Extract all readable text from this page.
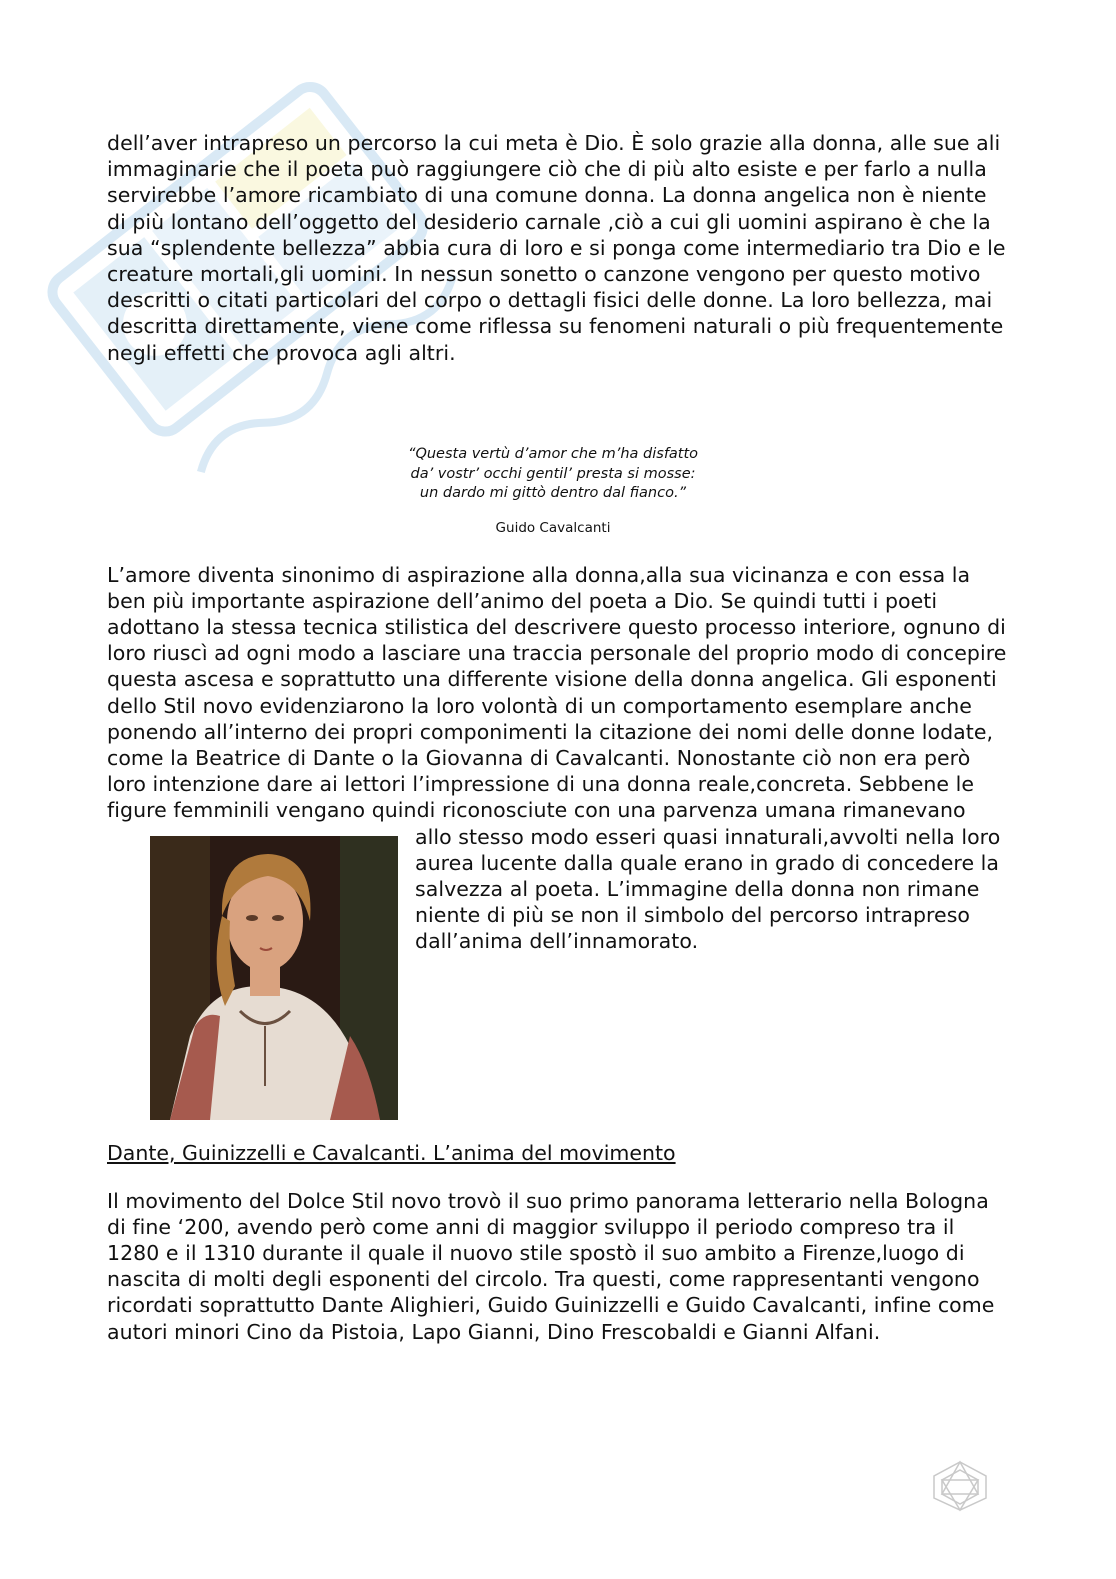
dell’aver intrapreso un percorso la cui meta è Dio. È solo grazie alla donna, alle sue ali immaginarie che il poeta può raggiungere ciò che di più alto esiste e per farlo a nulla servirebbe l’amore ricambiato di una comune donna. La donna angelica non è niente di più lontano dell’oggetto del desiderio carnale ,ciò a cui gli uomini aspirano è che la sua “splendente bellezza” abbia cura di loro e si ponga come intermediario tra Dio e le creature mortali,gli uomini. In nessun sonetto o canzone vengono per questo motivo descritti o citati particolari del corpo o dettagli fisici delle donne. La loro bellezza, mai descritta direttamente, viene come riflessa su fenomeni naturali o più frequentemente negli effetti che provoca agli altri.

“Questa vertù d’amor che m’ha disfatto
da’ vostr’ occhi gentil’ presta si mosse:
un dardo mi gittò dentro dal fianco.”
Guido Cavalcanti

L’amore diventa sinonimo di aspirazione alla donna,alla sua vicinanza e con essa la ben più importante aspirazione dell’animo del poeta a Dio. Se quindi tutti i poeti adottano la stessa tecnica stilistica del descrivere questo processo interiore, ognuno di loro riuscì ad ogni modo a lasciare una traccia personale del proprio modo di concepire questa ascesa e soprattutto una differente visione della donna angelica. Gli esponenti dello Stil novo evidenziarono la loro volontà di un comportamento esemplare anche ponendo all’interno dei propri componimenti la citazione dei nomi delle donne lodate, come la Beatrice di Dante o la Giovanna di Cavalcanti. Nonostante ciò non era però loro intenzione dare ai lettori l’impressione di una donna reale,concreta. Sebbene le figure femminili vengano quindi riconosciute con una parvenza umana rimanevano

allo stesso modo esseri quasi innaturali,avvolti nella loro aurea lucente dalla quale erano in grado di concedere la salvezza al poeta. L’immagine della donna non rimane niente di più se non il simbolo del percorso intrapreso dall’anima dell’innamorato.

Dante, Guinizzelli e Cavalcanti. L’anima del movimento

Il movimento del Dolce Stil novo trovò il suo primo panorama letterario nella Bologna di fine ‘200, avendo però come anni di maggior sviluppo il periodo compreso tra il 1280 e il 1310 durante il quale il nuovo stile spostò il suo ambito a Firenze,luogo di nascita di molti degli esponenti del circolo. Tra questi, come rappresentanti vengono ricordati soprattutto Dante Alighieri, Guido Guinizzelli e Guido Cavalcanti, infine come autori minori Cino da Pistoia, Lapo Gianni, Dino Frescobaldi e Gianni Alfani.
